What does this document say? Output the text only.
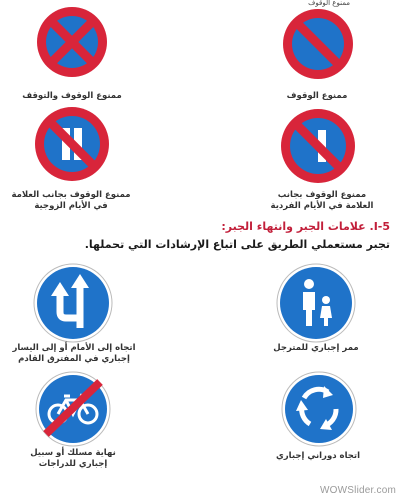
ممنوع الوقوف
ممنوع الوقوف والتوقف	ممنوع الوقوف
ممنوع الوقوف بجانب العلامة
في الأيام الزوجية
ممنوع الوقوف بجانب
العلامة في الأيام الفردية
I-5. علامات الجبر وانتهاء الجبر:
تجبر مستعملي الطريق على اتباع الإرشادات التي تحملها.
اتجاه إلى الأمام أو إلى اليسار
إجباري في المفترق القادم
ممر إجباري للمترجل
نهاية مسلك أو سبيل
إجباري للدراجات
اتجاه دوراني إجباري
WOWSlider.com
